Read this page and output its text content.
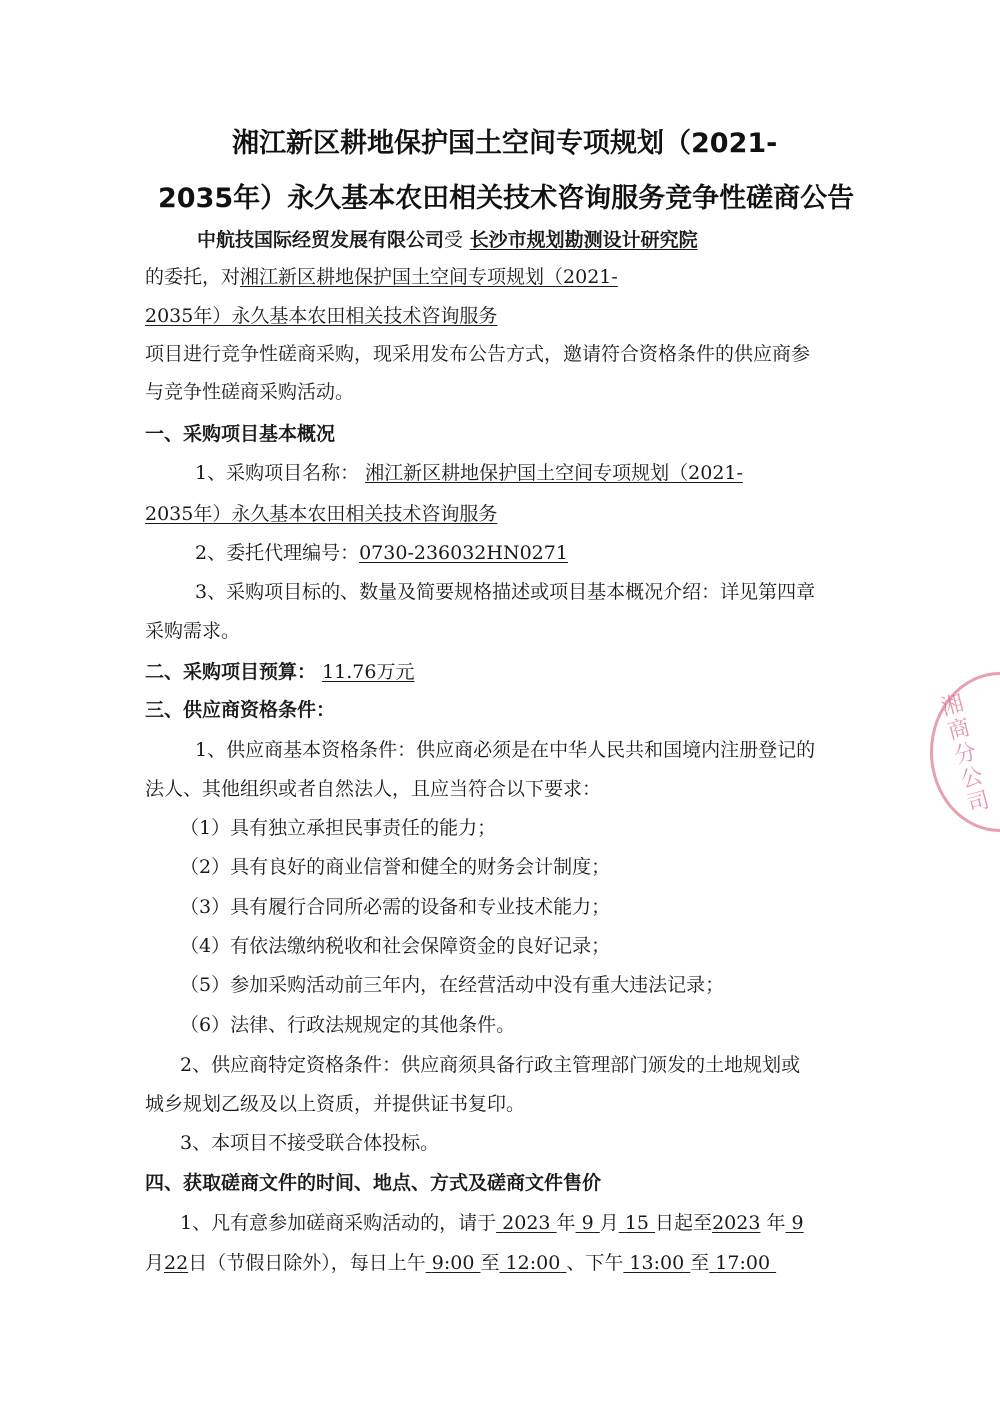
湘江新区耕地保护国土空间专项规划（2021-
2035年）永久基本农田相关技术咨询服务竞争性磋商公告
中航技国际经贸发展有限公司受 长沙市规划勘测设计研究院
的委托，对湘江新区耕地保护国土空间专项规划（2021-
2035年）永久基本农田相关技术咨询服务
项目进行竞争性磋商采购，现采用发布公告方式，邀请符合资格条件的供应商参
与竞争性磋商采购活动。
一、采购项目基本概况
1、采购项目名称： 湘江新区耕地保护国土空间专项规划（2021-
2035年）永久基本农田相关技术咨询服务
2、委托代理编号：0730-236032HN0271
3、采购项目标的、数量及简要规格描述或项目基本概况介绍：详见第四章
采购需求。
二、采购项目预算： 11.76万元
三、供应商资格条件：
1、供应商基本资格条件：供应商必须是在中华人民共和国境内注册登记的
法人、其他组织或者自然法人，且应当符合以下要求：
（1）具有独立承担民事责任的能力；
（2）具有良好的商业信誉和健全的财务会计制度；
（3）具有履行合同所必需的设备和专业技术能力；
（4）有依法缴纳税收和社会保障资金的良好记录；
（5）参加采购活动前三年内，在经营活动中没有重大违法记录；
（6）法律、行政法规规定的其他条件。
2、供应商特定资格条件：供应商须具备行政主管理部门颁发的土地规划或
城乡规划乙级及以上资质，并提供证书复印。
3、本项目不接受联合体投标。
四、获取磋商文件的时间、地点、方式及磋商文件售价
1、凡有意参加磋商采购活动的，请于 2023 年 9 月 15 日起至2023 年 9
月22日（节假日除外），每日上午 9:00 至 12:00 、下午 13:00 至 17:00
湘商分公司
